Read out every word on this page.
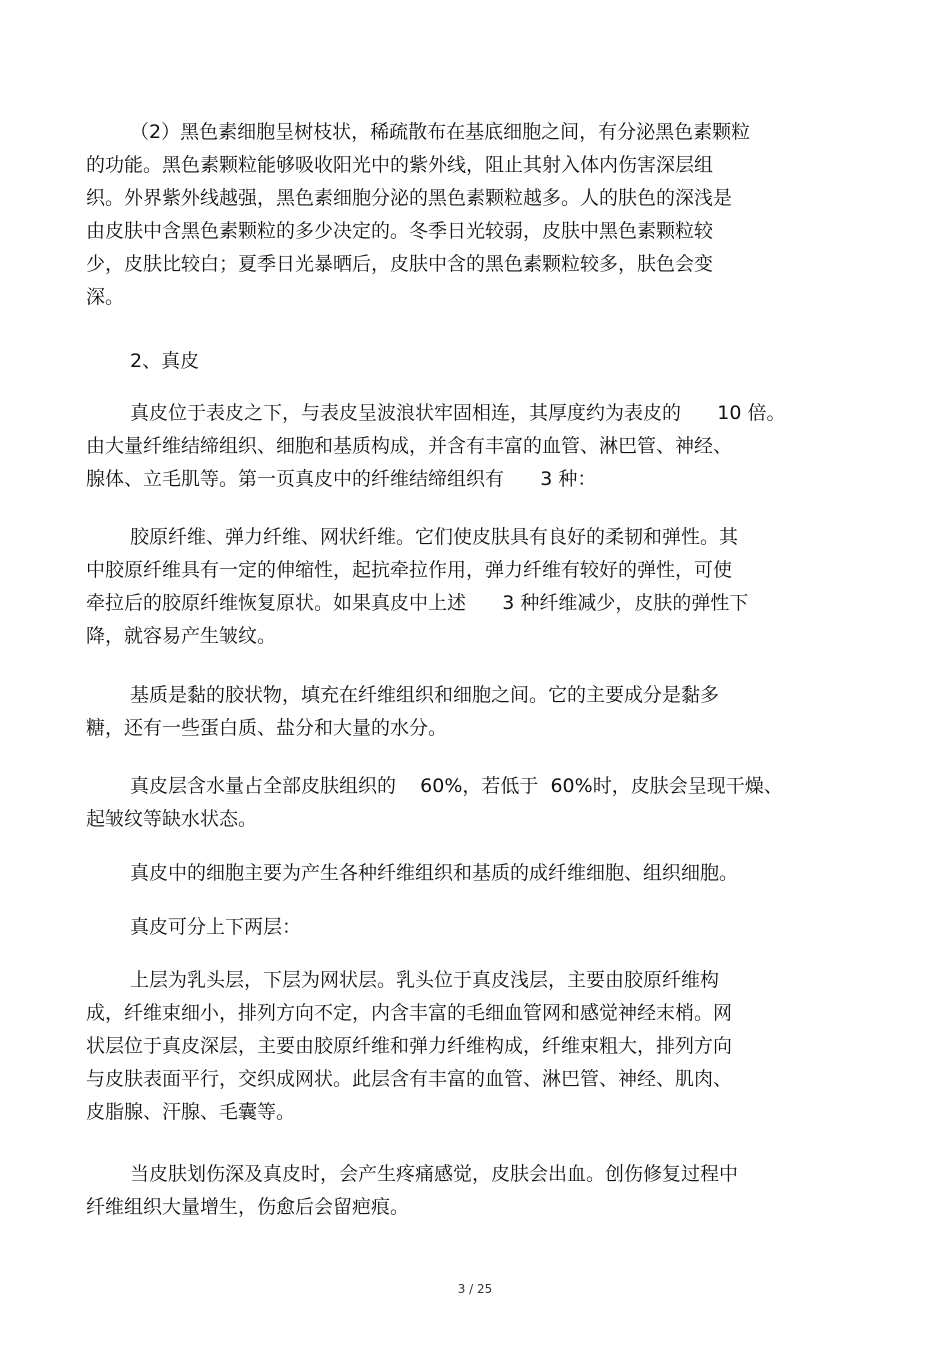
（2）黑色素细胞呈树枝状，稀疏散布在基底细胞之间，有分泌黑色素颗粒
的功能。黑色素颗粒能够吸收阳光中的紫外线，阻止其射入体内伤害深层组
织。外界紫外线越强，黑色素细胞分泌的黑色素颗粒越多。人的肤色的深浅是
由皮肤中含黑色素颗粒的多少决定的。冬季日光较弱，皮肤中黑色素颗粒较
少，皮肤比较白；夏季日光暴晒后，皮肤中含的黑色素颗粒较多，肤色会变
深。
2、真皮
真皮位于表皮之下，与表皮呈波浪状牢固相连，其厚度约为表皮的      10 倍。
由大量纤维结缔组织、细胞和基质构成，并含有丰富的血管、淋巴管、神经、
腺体、立毛肌等。第一页真皮中的纤维结缔组织有      3 种：
胶原纤维、弹力纤维、网状纤维。它们使皮肤具有良好的柔韧和弹性。其
中胶原纤维具有一定的伸缩性，起抗牵拉作用，弹力纤维有较好的弹性，可使
牵拉后的胶原纤维恢复原状。如果真皮中上述      3 种纤维减少，皮肤的弹性下
降，就容易产生皱纹。
基质是黏的胶状物，填充在纤维组织和细胞之间。它的主要成分是黏多
糖，还有一些蛋白质、盐分和大量的水分。
真皮层含水量占全部皮肤组织的    60%，若低于  60%时，皮肤会呈现干燥、
起皱纹等缺水状态。
真皮中的细胞主要为产生各种纤维组织和基质的成纤维细胞、组织细胞。
真皮可分上下两层：
上层为乳头层，下层为网状层。乳头位于真皮浅层，主要由胶原纤维构
成，纤维束细小，排列方向不定，内含丰富的毛细血管网和感觉神经末梢。网
状层位于真皮深层，主要由胶原纤维和弹力纤维构成，纤维束粗大，排列方向
与皮肤表面平行，交织成网状。此层含有丰富的血管、淋巴管、神经、肌肉、
皮脂腺、汗腺、毛囊等。
当皮肤划伤深及真皮时，会产生疼痛感觉，皮肤会出血。创伤修复过程中
纤维组织大量增生，伤愈后会留疤痕。
3 / 25
